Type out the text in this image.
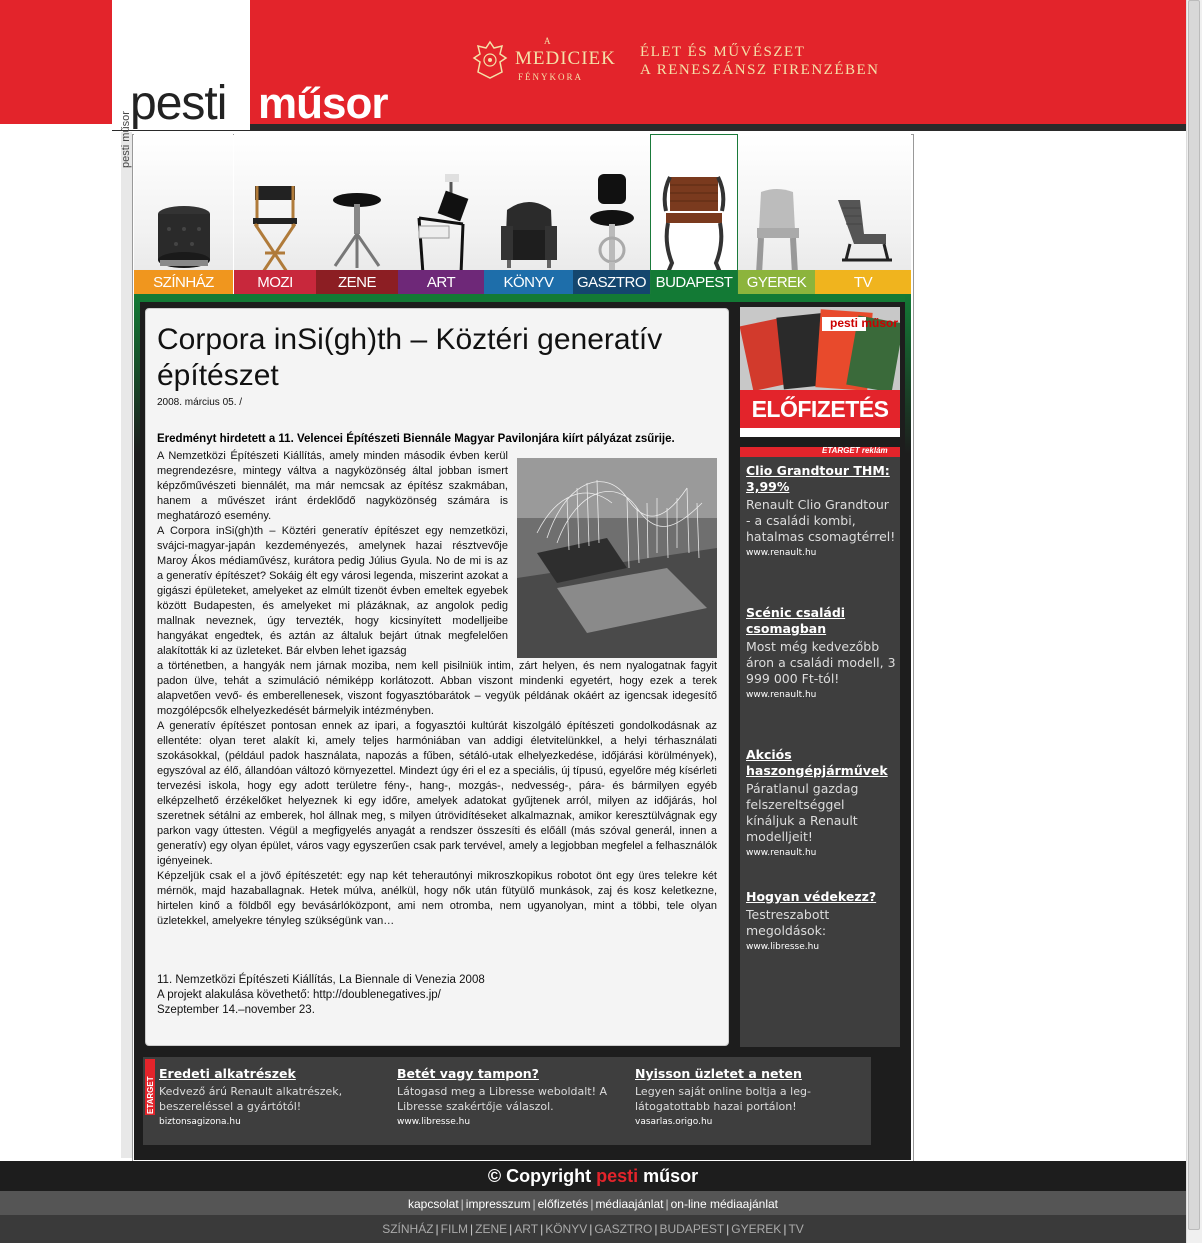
pesti műsor
A
MEDICIEK
FÉNYKORA
ÉLET ÉS MŰVÉSZET
A RENESZÁNSZ FIRENZÉBEN
pesti műsor
SZÍNHÁZ	MOZI	ZENE	ART	KÖNYV	GASZTRO BUDAPEST GYEREK	TV
Corpora inSi(gh)th – Köztéri generatív építészet
2008. március 05. /
Eredményt hirdetett a 11. Velencei Építészeti Biennále Magyar Pavilonjára kiírt pályázat zsűrije.
A Nemzetközi Építészeti Kiállítás, amely minden második évben kerül megrendezésre, mintegy váltva a nagyközönség által jobban ismert képzőművészeti biennálét, ma már nemcsak az építész szakmában, hanem a művészet iránt érdeklődő nagyközönség számára is meghatározó esemény.
A Corpora inSi(gh)th – Köztéri generatív építészet egy nemzetközi, svájci-magyar-japán kezdeményezés, amelynek hazai résztvevője Maroy Ákos médiaművész, kurátora pedig Július Gyula. No de mi is az a generatív építészet? Sokáig élt egy városi legenda, miszerint azokat a gigászi épületeket, amelyeket az elmúlt tizenöt évben emeltek egyebek között Budapesten, és amelyeket mi plázáknak, az angolok pedig mallnak neveznek, úgy tervezték, hogy kicsinyített modelljeibe hangyákat engedtek, és aztán az általuk bejárt útnak megfelelően alakították ki az üzleteket. Bár elvben lehet igazság
a történetben, a hangyák nem járnak moziba, nem kell pisilniük intim, zárt helyen, és nem nyalogatnak fagyit padon ülve, tehát a szimuláció némiképp korlátozott. Abban viszont mindenki egyetért, hogy ezek a terek alapvetően vevő- és emberellenesek, viszont fogyasztóbarátok – vegyük példának okáért az igencsak idegesítő mozgólépcsők elhelyezkedését bármelyik intézményben.
A generatív építészet pontosan ennek az ipari, a fogyasztói kultúrát kiszolgáló építészeti gondolkodásnak az ellentéte: olyan teret alakít ki, amely teljes harmóniában van addigi életvitelünkkel, a helyi térhasználati szokásokkal, (például padok használata, napozás a fűben, sétáló-utak elhelyezkedése, időjárási körülmények), egyszóval az élő, állandóan változó környezettel. Mindezt úgy éri el ez a speciális, új típusú, egyelőre még kísérleti tervezési iskola, hogy egy adott területre fény-, hang-, mozgás-, nedvesség-, pára- és bármilyen egyéb elképzelhető érzékelőket helyeznek ki egy időre, amelyek adatokat gyűjtenek arról, milyen az időjárás, hol szeretnek sétálni az emberek, hol állnak meg, s milyen útrövidítéseket alkalmaznak, amikor keresztülvágnak egy parkon vagy úttesten. Végül a megfigyelés anyagát a rendszer összesíti és előáll (más szóval generál, innen a generatív) egy olyan épület, város vagy egyszerűen csak park tervével, amely a legjobban megfelel a felhasználók igényeinek.
Képzeljük csak el a jövő építészetét: egy nap két teherautónyi mikroszkopikus robotot önt egy üres telekre két mérnök, majd hazaballagnak. Hetek múlva, anélkül, hogy nők után fütyülő munkások, zaj és kosz keletkezne, hirtelen kinő a földből egy bevásárlóközpont, ami nem otromba, nem ugyanolyan, mint a többi, tele olyan üzletekkel, amelyekre tényleg szükségünk van…
11. Nemzetközi Építészeti Kiállítás, La Biennale di Venezia 2008
A projekt alakulása követhető: http://doublenegatives.jp/
Szeptember 14.–november 23.
pesti műsor
ELŐFIZETÉS
ETARGET reklám
Clio Grandtour THM: 3,99%
Renault Clio Grandtour - a családi kombi, hatalmas csomagtérrel!
www.renault.hu
Scénic családi csomagban
Most még kedvezőbb áron a családi modell, 3 999 000 Ft-tól!
www.renault.hu
Akciós haszongépjárművek
Páratlanul gazdag felszereltséggel kínáljuk a Renault modelljeit!
www.renault.hu
Hogyan védekezz?
Testreszabott megoldások:
www.libresse.hu
ETARGET
Eredeti alkatrészek
Kedvező árú Renault alkatrészek, beszereléssel a gyártótól!
biztonsagizona.hu
Betét vagy tampon?
Látogasd meg a Libresse weboldalt! A Libresse szakértője válaszol.
www.libresse.hu
Nyisson üzletet a neten
Legyen saját online boltja a leg-látogatottabb hazai portálon!
vasarlas.origo.hu
© Copyright pesti műsor
kapcsolat | impresszum | előfizetés | médiaajánlat | on-line médiaajánlat
SZÍNHÁZ | FILM | ZENE | ART | KÖNYV | GASZTRO | BUDAPEST | GYEREK | TV
